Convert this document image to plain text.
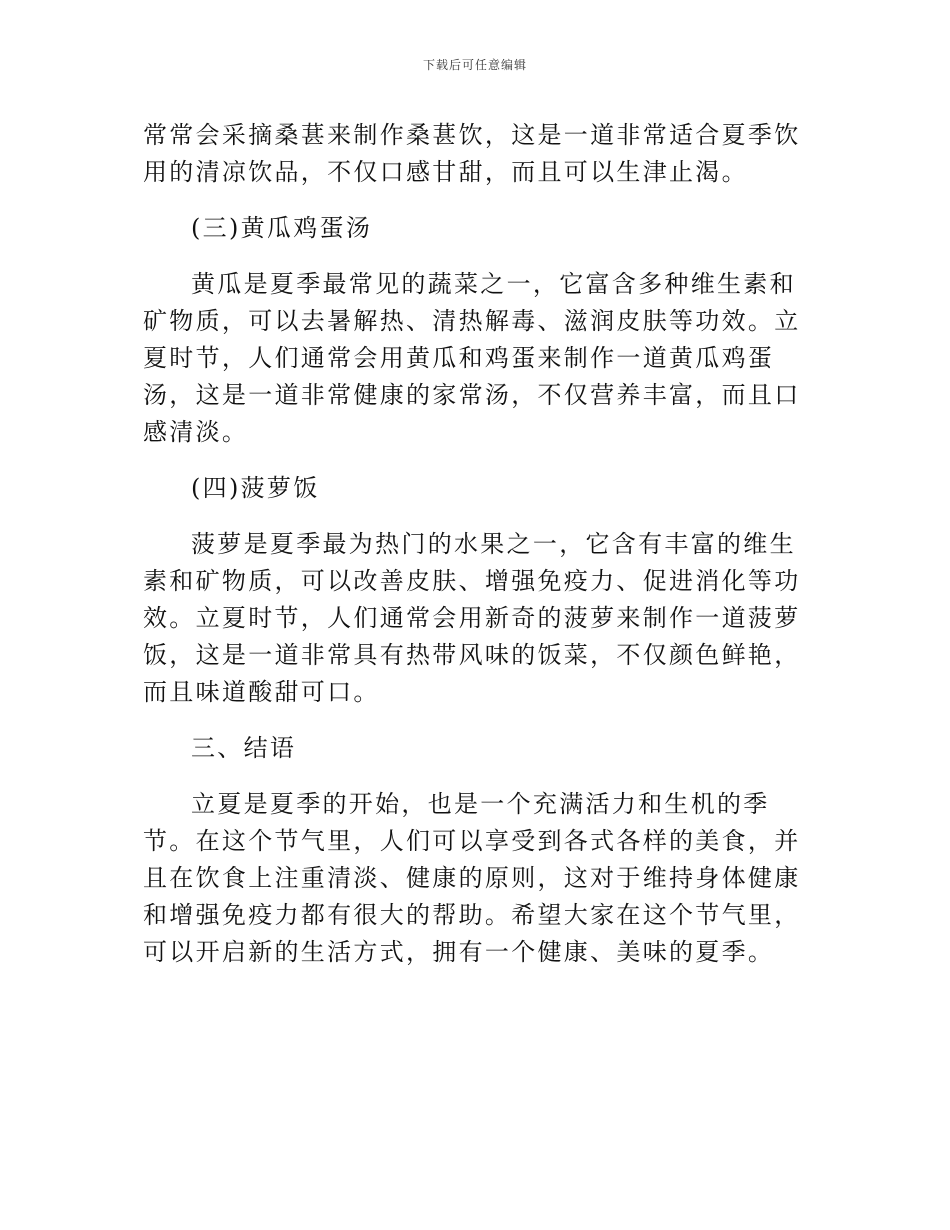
下载后可任意编辑

常常会采摘桑葚来制作桑葚饮，这是一道非常适合夏季饮用的清凉饮品，不仅口感甘甜，而且可以生津止渴。

(三)黄瓜鸡蛋汤

黄瓜是夏季最常见的蔬菜之一，它富含多种维生素和矿物质，可以去暑解热、清热解毒、滋润皮肤等功效。立夏时节，人们通常会用黄瓜和鸡蛋来制作一道黄瓜鸡蛋汤，这是一道非常健康的家常汤，不仅营养丰富，而且口感清淡。

(四)菠萝饭

菠萝是夏季最为热门的水果之一，它含有丰富的维生素和矿物质，可以改善皮肤、增强免疫力、促进消化等功效。立夏时节，人们通常会用新奇的菠萝来制作一道菠萝饭，这是一道非常具有热带风味的饭菜，不仅颜色鲜艳，而且味道酸甜可口。

三、结语

立夏是夏季的开始，也是一个充满活力和生机的季节。在这个节气里，人们可以享受到各式各样的美食，并且在饮食上注重清淡、健康的原则，这对于维持身体健康和增强免疫力都有很大的帮助。希望大家在这个节气里，可以开启新的生活方式，拥有一个健康、美味的夏季。
